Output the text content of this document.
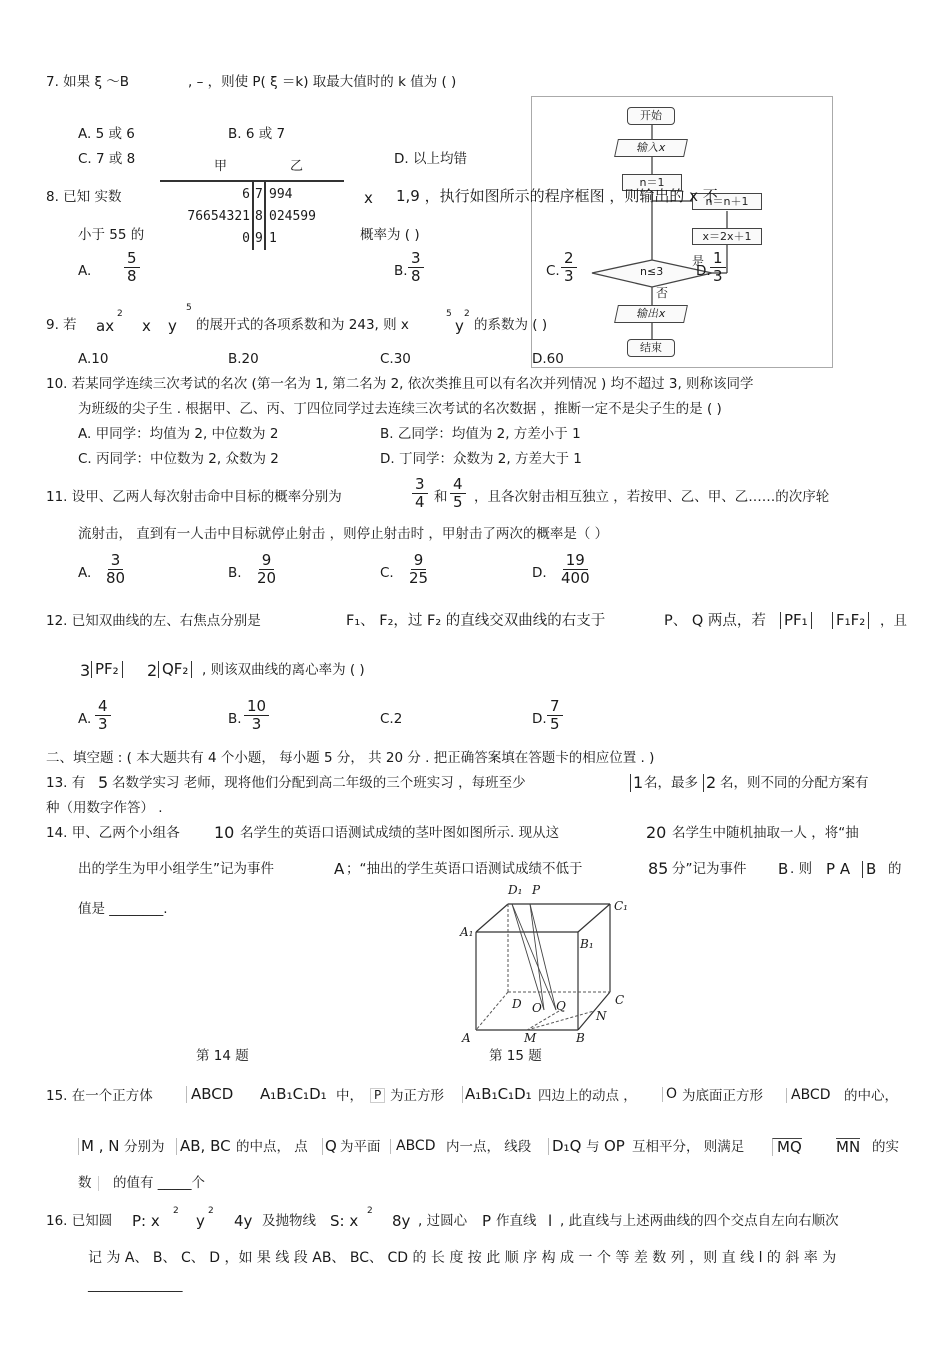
7. 如果 ξ ～B	, – ，则使 P( ξ ＝k) 取最大值时的 k 值为 ( )
A. 5 或 6	B. 6 或 7
C. 7 或 8	D. 以上均错
甲	乙
6 7 994
76654321 8 024599
0 9 1
开始
输入x
n＝1
n＝n＋1
x＝2x＋1
n≤3
是
否
输出x
结束
8. 已知 实数	x 1,9 ，执行如图所示的程序框图 ，则输出的 x 不
小于 55 的	概率为 ( )
A. $\frac{5}{8}$	B. $\frac{3}{8}$	C. $\frac{2}{3}$	D. $\frac{1}{3}$
9. 若 ax
2
x y
5
的展开式的各项系数和为 243, 则 x
5
y
2
的系数为 ( )
A.10	B.20	C.30	D.60
10. 若某同学连续三次考试的名次 (第一名为 1, 第二名为 2, 依次类推且可以有名次并列情况 ) 均不超过 3, 则称该同学
为班级的尖子生 . 根据甲、乙、丙、丁四位同学过去连续三次考试的名次数据 ，推断一定不是尖子生的是 ( )
A. 甲同学：均值为 2, 中位数为 2	B. 乙同学：均值为 2, 方差小于 1
C. 丙同学：中位数为 2, 众数为 2	D. 丁同学：众数为 2, 方差大于 1
11. 设甲、乙两人每次射击命中目标的概率分别为	$\frac{3}{4}$ 和 $\frac{4}{5}$ ，且各次射击相互独立 ，若按甲、乙、甲、乙……的次序轮
流射击， 直到有一人击中目标就停止射击 ，则停止射击时 ，甲射击了两次的概率是（ ）
A. $\frac{3}{80}$	B. $\frac{9}{20}$	C. $\frac{9}{25}$	D. $\frac{19}{400}$
12. 已知双曲线的左、右焦点分别是	F₁、 F₂，过 F₂ 的直线交双曲线的右支于	P、 Q 两点，若 PF₁ F₁F₂ ，且
3 PF₂ 2 QF₂ , 则该双曲线的离心率为 ( )
A. $\frac{4}{3}$	B. $\frac{10}{3}$	C.2	D. $\frac{7}{5}$
二、填空题 : ( 本大题共有 4 个小题， 每小题 5 分， 共 20 分 . 把正确答案填在答题卡的相应位置 . )
13. 有 5 名数学实习 老师，现将他们分配到高二年级的三个班实习 ，每班至少	1 名，最多 2 名，则不同的分配方案有
种（用数字作答） .
14. 甲、乙两个小组各 10 名学生的英语口语测试成绩的茎叶图如图所示. 现从这	20 名学生中随机抽取一人 ，将“抽
出的学生为甲小组学生”记为事件	A ；“抽出的学生英语口语测试成绩不低于	85 分”记为事件 B . 则 P A B 的
值是 ________.
D₁ P
C₁
A₁
B₁
D O Q	C
N
A	M	B
第 14 题	第 15 题
15. 在一个正方体	ABCD A₁B₁C₁D₁ 中， P 为正方形 A₁B₁C₁D₁ 四边上的动点 ， O 为底面正方形	ABCD 的中心，
M , N 分别为 AB, BC 的中点， 点 Q 为平面	ABCD 内一点， 线段 D₁Q 与 OP 互相平分， 则满足	MQ MN 的实
数	的值有 _____个
16. 已知圆 P: x
2
y
2
4y 及抛物线 S: x
2
8y , 过圆心 P 作直线 l , 此直线与上述两曲线的四个交点自左向右顺次
记 为 A、 B、 C、 D ，如 果 线 段 AB、 BC、 CD 的 长 度 按 此 顺 序 构 成 一 个 等 差 数 列 ，则 直 线 l 的 斜 率 为
______________
